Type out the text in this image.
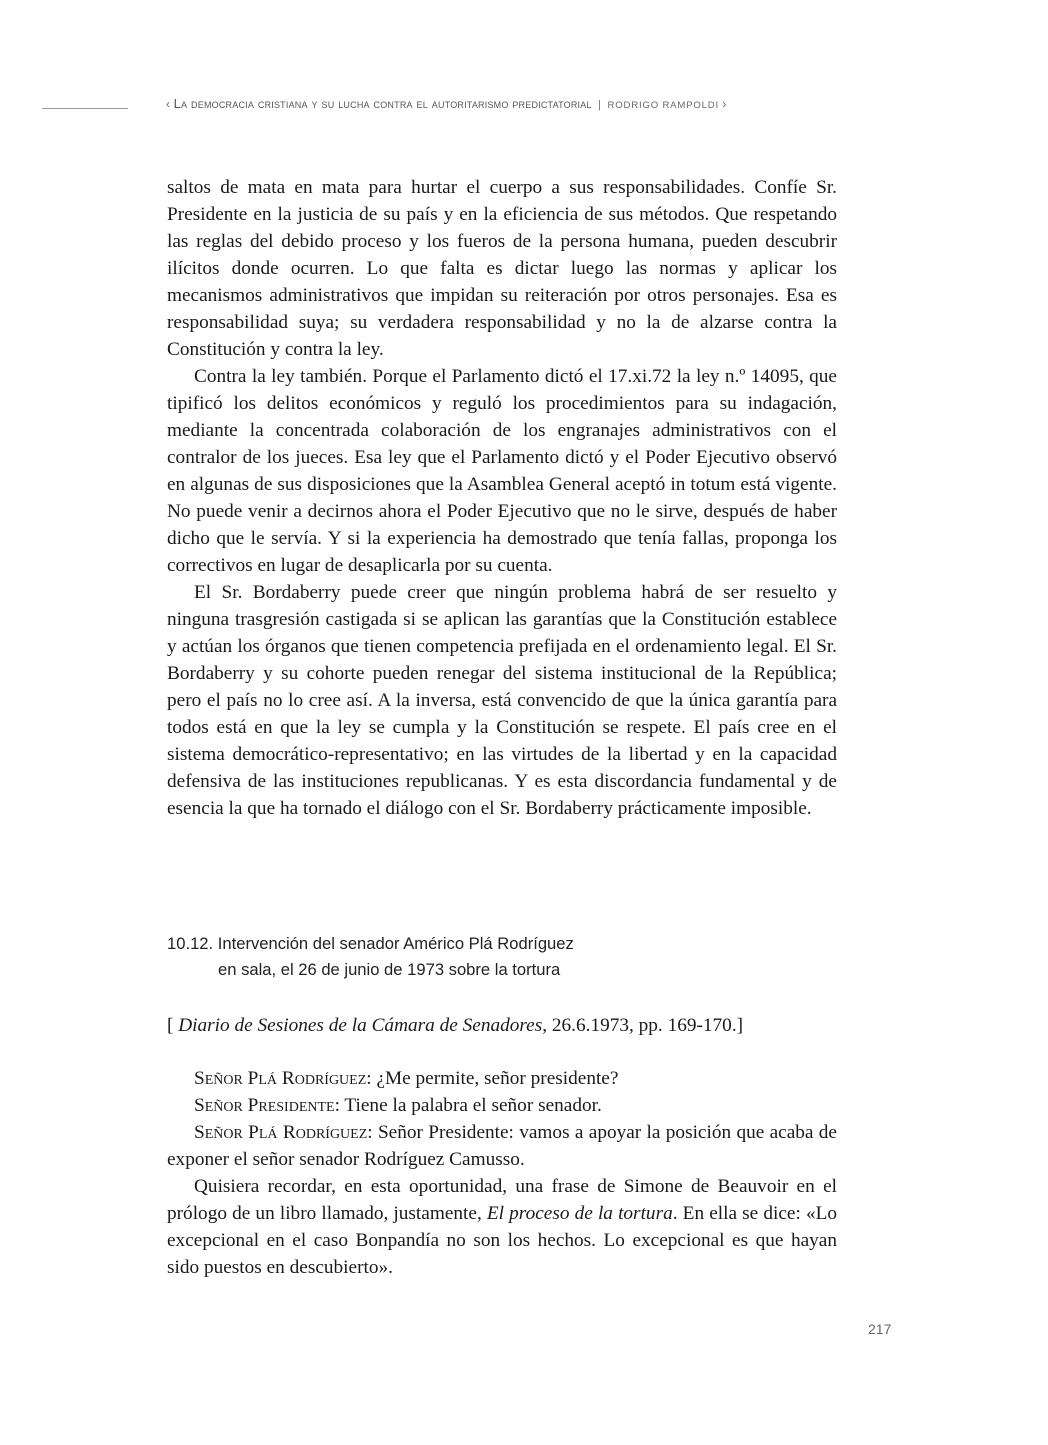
‹ La democracia cristiana y su lucha contra el autoritarismo predictatorial | RODRIGO RAMPOLDI ›

saltos de mata en mata para hurtar el cuerpo a sus responsabilidades. Confíe Sr. Presidente en la justicia de su país y en la eficiencia de sus métodos. Que respetando las reglas del debido proceso y los fueros de la persona humana, pueden descubrir ilícitos donde ocurren. Lo que falta es dictar luego las normas y aplicar los mecanismos administrativos que impidan su reiteración por otros personajes. Esa es responsabilidad suya; su verdadera responsabilidad y no la de alzarse contra la Constitución y contra la ley.

Contra la ley también. Porque el Parlamento dictó el 17.xi.72 la ley n.º 14095, que tipificó los delitos económicos y reguló los procedimientos para su indagación, mediante la concentrada colaboración de los engranajes administrativos con el contralor de los jueces. Esa ley que el Parlamento dictó y el Poder Ejecutivo observó en algunas de sus disposiciones que la Asamblea General aceptó in totum está vigente. No puede venir a decirnos ahora el Poder Ejecutivo que no le sirve, después de haber dicho que le servía. Y si la experiencia ha demostrado que tenía fallas, proponga los correctivos en lugar de desaplicarla por su cuenta.

El Sr. Bordaberry puede creer que ningún problema habrá de ser resuelto y ninguna trasgresión castigada si se aplican las garantías que la Constitución establece y actúan los órganos que tienen competencia prefijada en el ordenamiento legal. El Sr. Bordaberry y su cohorte pueden renegar del sistema institucional de la República; pero el país no lo cree así. A la inversa, está convencido de que la única garantía para todos está en que la ley se cumpla y la Constitución se respete. El país cree en el sistema democrático-representativo; en las virtudes de la libertad y en la capacidad defensiva de las instituciones republicanas. Y es esta discordancia fundamental y de esencia la que ha tornado el diálogo con el Sr. Bordaberry prácticamente imposible.

10.12. Intervención del senador Américo Plá Rodríguez
en sala, el 26 de junio de 1973 sobre la tortura
[ Diario de Sesiones de la Cámara de Senadores, 26.6.1973, pp. 169-170.]

Señor Plá Rodríguez: ¿Me permite, señor presidente?

Señor Presidente: Tiene la palabra el señor senador.

Señor Plá Rodríguez: Señor Presidente: vamos a apoyar la posición que acaba de exponer el señor senador Rodríguez Camusso.

Quisiera recordar, en esta oportunidad, una frase de Simone de Beauvoir en el prólogo de un libro llamado, justamente, El proceso de la tortura. En ella se dice: «Lo excepcional en el caso Bonpandía no son los hechos. Lo excepcional es que hayan sido puestos en descubierto».

217
